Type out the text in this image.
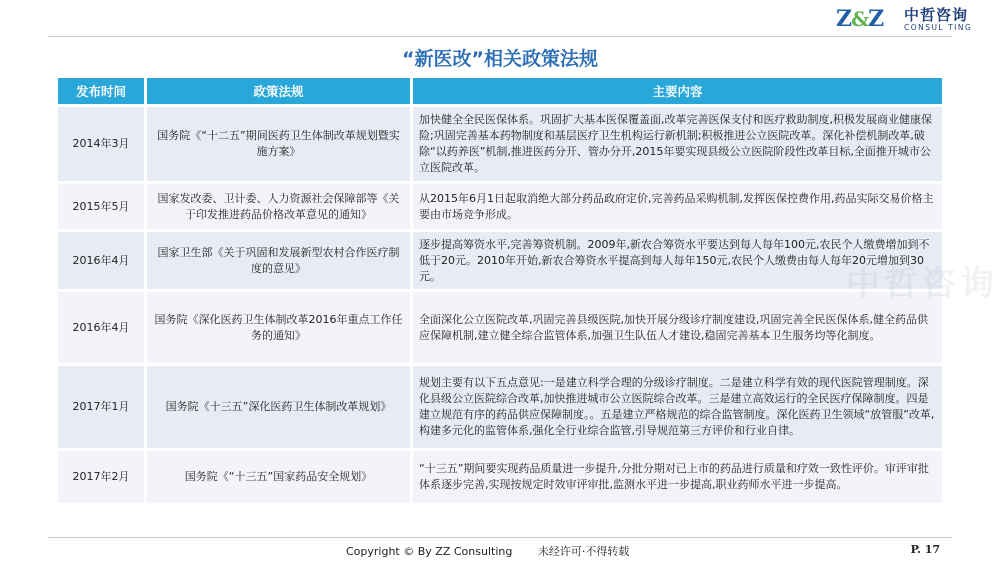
Z&Z 中哲咨询
CONSUL TING
“新医改”相关政策法规
发布时间	政策法规	主要内容
2014年3月	国务院《“十二五”期间医药卫生体制改革规划暨实施方案》	加快健全全民医保体系。巩固扩大基本医保覆盖面,改革完善医保支付和医疗救助制度,积极发展商业健康保险;巩固完善基本药物制度和基层医疗卫生机构运行新机制;积极推进公立医院改革。深化补偿机制改革,破除“以药养医”机制,推进医药分开、管办分开,2015年要实现县级公立医院阶段性改革目标,全面推开城市公立医院改革。
2015年5月	国家发改委、卫计委、人力资源社会保障部等《关于印发推进药品价格改革意见的通知》	从2015年6月1日起取消绝大部分药品政府定价,完善药品采购机制,发挥医保控费作用,药品实际交易价格主要由市场竞争形成。
2016年4月	国家卫生部《关于巩固和发展新型农村合作医疗制度的意见》	逐步提高筹资水平,完善筹资机制。2009年,新农合筹资水平要达到每人每年100元,农民个人缴费增加到不低于20元。2010年开始,新农合筹资水平提高到每人每年150元,农民个人缴费由每人每年20元增加到30元。
2016年4月	国务院《深化医药卫生体制改革2016年重点工作任务的通知》	全面深化公立医院改革,巩固完善县级医院,加快开展分级诊疗制度建设,巩固完善全民医保体系,健全药品供应保障机制,建立健全综合监管体系,加强卫生队伍人才建设,稳固完善基本卫生服务均等化制度。
2017年1月	国务院《十三五”深化医药卫生体制改革规划》	规划主要有以下五点意见:一是建立科学合理的分级诊疗制度。二是建立科学有效的现代医院管理制度。深化县级公立医院综合改革,加快推进城市公立医院综合改革。三是建立高效运行的全民医疗保障制度。四是建立规范有序的药品供应保障制度。。五是建立严格规范的综合监管制度。深化医药卫生领域“放管服”改革,构建多元化的监管体系,强化全行业综合监管,引导规范第三方评价和行业自律。
2017年2月	国务院《“十三五”国家药品安全规划》	“十三五”期间要实现药品质量进一步提升,分批分期对已上市的药品进行质量和疗效一致性评价。审评审批体系逐步完善,实现按规定时效审评审批,监测水平进一步提高,职业药师水平进一步提高。
中哲咨询
Copyright © By ZZ Consulting 未经许可·不得转载	P. 17
